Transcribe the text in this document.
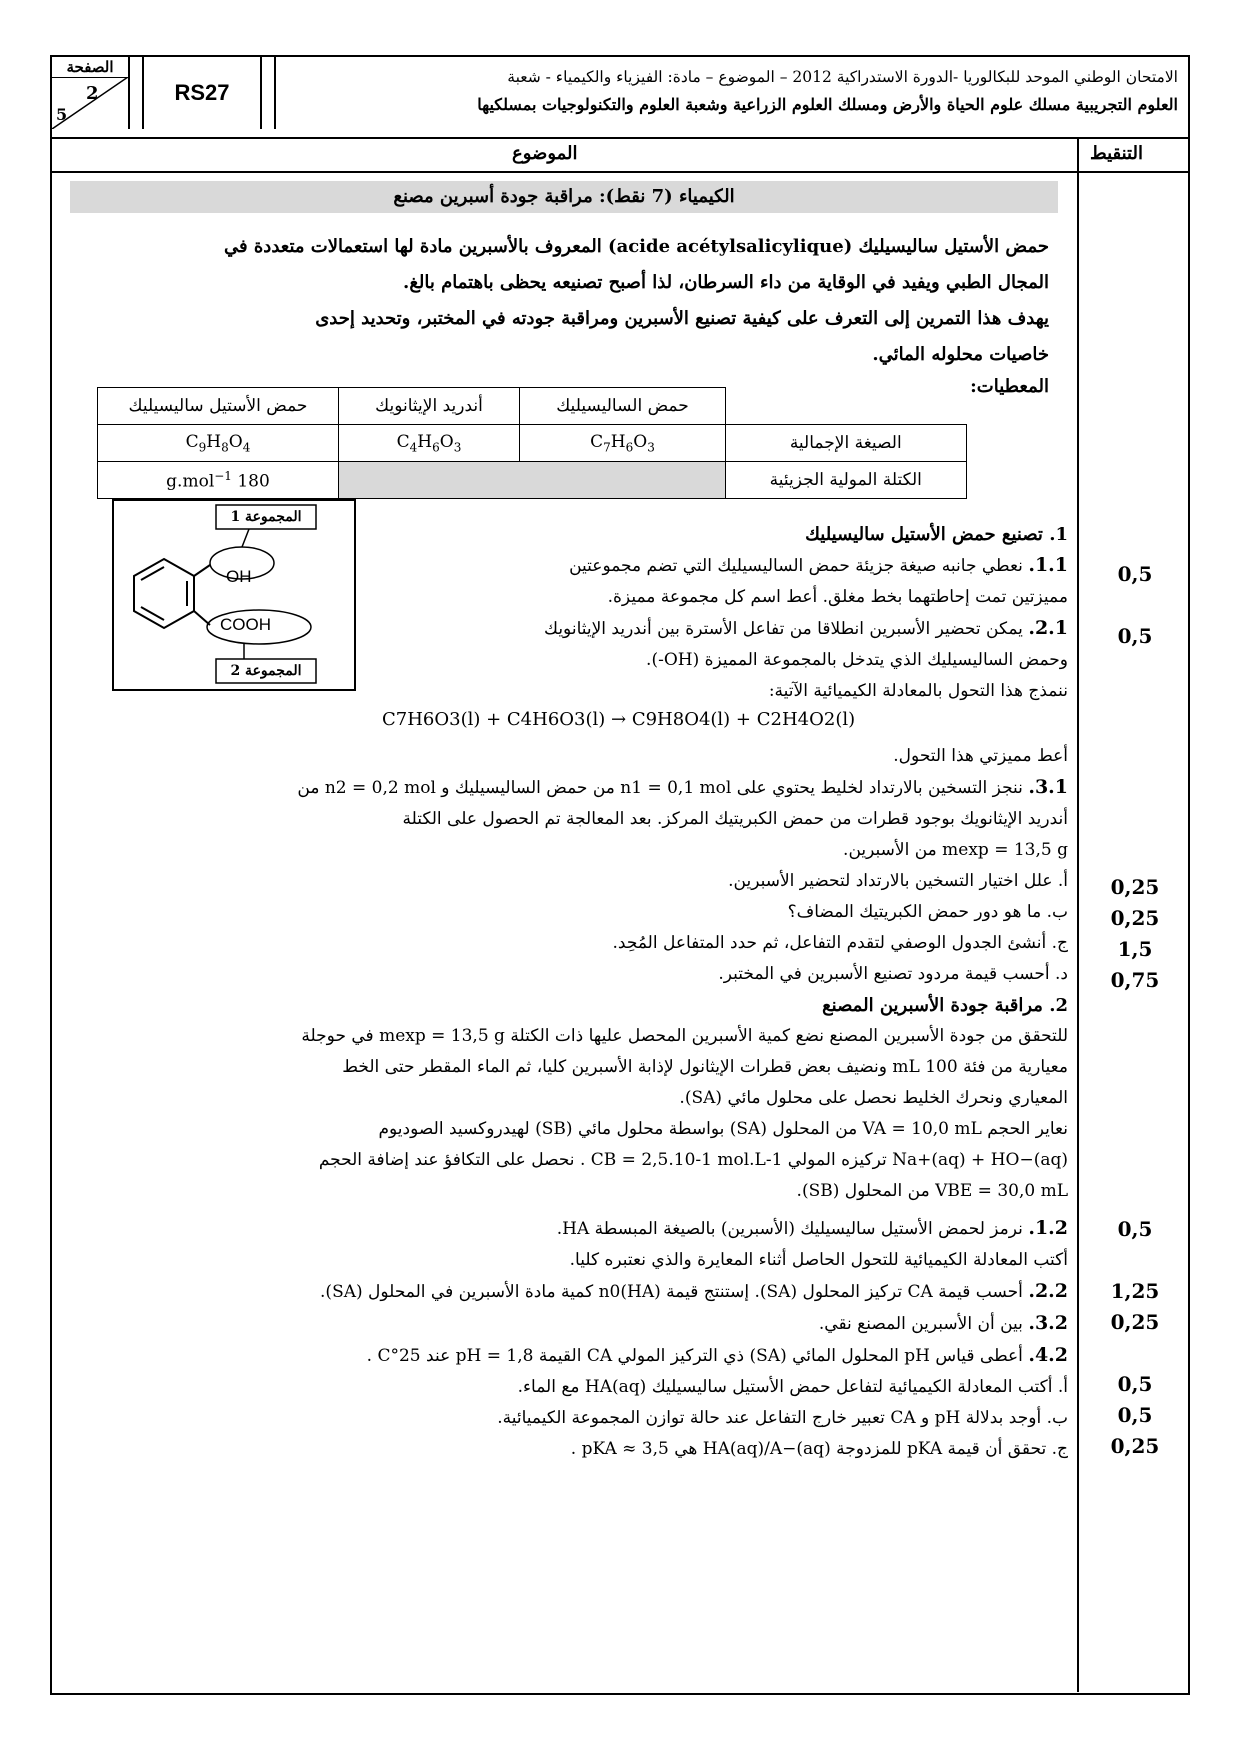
الصفحة
2
5
RS27
الامتحان الوطني الموحد للبكالوريا -الدورة الاستدراكية 2012 – الموضوع – مادة: الفيزياء والكيمياء - شعبة
العلوم التجريبية مسلك علوم الحياة والأرض ومسلك العلوم الزراعية وشعبة العلوم والتكنولوجيات بمسلكيها
الموضوع	التنقيط
الكيمياء (7 نقط): مراقبة جودة أسبرين مصنع
حمض الأستيل ساليسيليك (acide acétylsalicylique) المعروف بالأسبرين مادة لها استعمالات متعددة في
المجال الطبي ويفيد في الوقاية من داء السرطان، لذا أصبح تصنيعه يحظى باهتمام بالغ.
يهدف هذا التمرين إلى التعرف على كيفية تصنيع الأسبرين ومراقبة جودته في المختبر، وتحديد إحدى
خاصيات محلوله المائي.
المعطيات:
	حمض الساليسيليك	أندريد الإيثانويك	حمض الأستيل ساليسيليك
الصيغة الإجمالية	$C_7H_6O_3$	$C_4H_6O_3$	$C_9H_8O_4$
الكتلة المولية الجزيئية			180 g.mol$^{-1}$
OH
COOH
المجموعة 1
المجموعة 2
1. تصنيع حمض الأستيل ساليسيليك
1.1. نعطي جانبه صيغة جزيئة حمض الساليسيليك التي تضم مجموعتين
مميزتين تمت إحاطتهما بخط مغلق. أعط اسم كل مجموعة مميزة.
2.1. يمكن تحضير الأسبرين انطلاقا من تفاعل الأسترة بين أندريد الإيثانويك
وحمض الساليسيليك الذي يتدخل بالمجموعة المميزة (OH-).
ننمذج هذا التحول بالمعادلة الكيميائية الآتية:
C7H6O3(l) + C4H6O3(l) → C9H8O4(l) + C2H4O2(l)
أعط مميزتي هذا التحول.
3.1. ننجز التسخين بالارتداد لخليط يحتوي على n1 = 0,1 mol من حمض الساليسيليك و n2 = 0,2 mol من
أندريد الإيثانويك بوجود قطرات من حمض الكبريتيك المركز. بعد المعالجة تم الحصول على الكتلة
mexp = 13,5 g من الأسبرين.
أ. علل اختيار التسخين بالارتداد لتحضير الأسبرين.
ب. ما هو دور حمض الكبريتيك المضاف؟
ج. أنشئ الجدول الوصفي لتقدم التفاعل، ثم حدد المتفاعل المُحِد.
د. أحسب قيمة مردود تصنيع الأسبرين في المختبر.
2. مراقبة جودة الأسبرين المصنع
للتحقق من جودة الأسبرين المصنع نضع كمية الأسبرين المحصل عليها ذات الكتلة mexp = 13,5 g في حوجلة
معيارية من فئة 100 mL ونضيف بعض قطرات الإيثانول لإذابة الأسبرين كليا، ثم الماء المقطر حتى الخط
المعياري ونحرك الخليط نحصل على محلول مائي (SA).
نعاير الحجم VA = 10,0 mL من المحلول (SA) بواسطة محلول مائي (SB) لهيدروكسيد الصوديوم
Na+(aq) + HO−(aq) تركيزه المولي CB = 2,5.10-1 mol.L-1 . نحصل على التكافؤ عند إضافة الحجم
VBE = 30,0 mL من المحلول (SB).
1.2. نرمز لحمض الأستيل ساليسيليك (الأسبرين) بالصيغة المبسطة HA.
أكتب المعادلة الكيميائية للتحول الحاصل أثناء المعايرة والذي نعتبره كليا.
2.2. أحسب قيمة CA تركيز المحلول (SA). إستنتج قيمة n0(HA) كمية مادة الأسبرين في المحلول (SA).
3.2. بين أن الأسبرين المصنع نقي.
4.2. أعطى قياس pH المحلول المائي (SA) ذي التركيز المولي CA القيمة pH = 1,8 عند 25°C .
أ. أكتب المعادلة الكيميائية لتفاعل حمض الأستيل ساليسيليك HA(aq) مع الماء.
ب. أوجد بدلالة pH و CA تعبير خارج التفاعل عند حالة توازن المجموعة الكيميائية.
ج. تحقق أن قيمة pKA للمزدوجة HA(aq)/A−(aq) هي pKA ≈ 3,5 .
0,5
0,5
0,25
0,25
1,5
0,75
0,5
1,25
0,25
0,5
0,5
0,25
